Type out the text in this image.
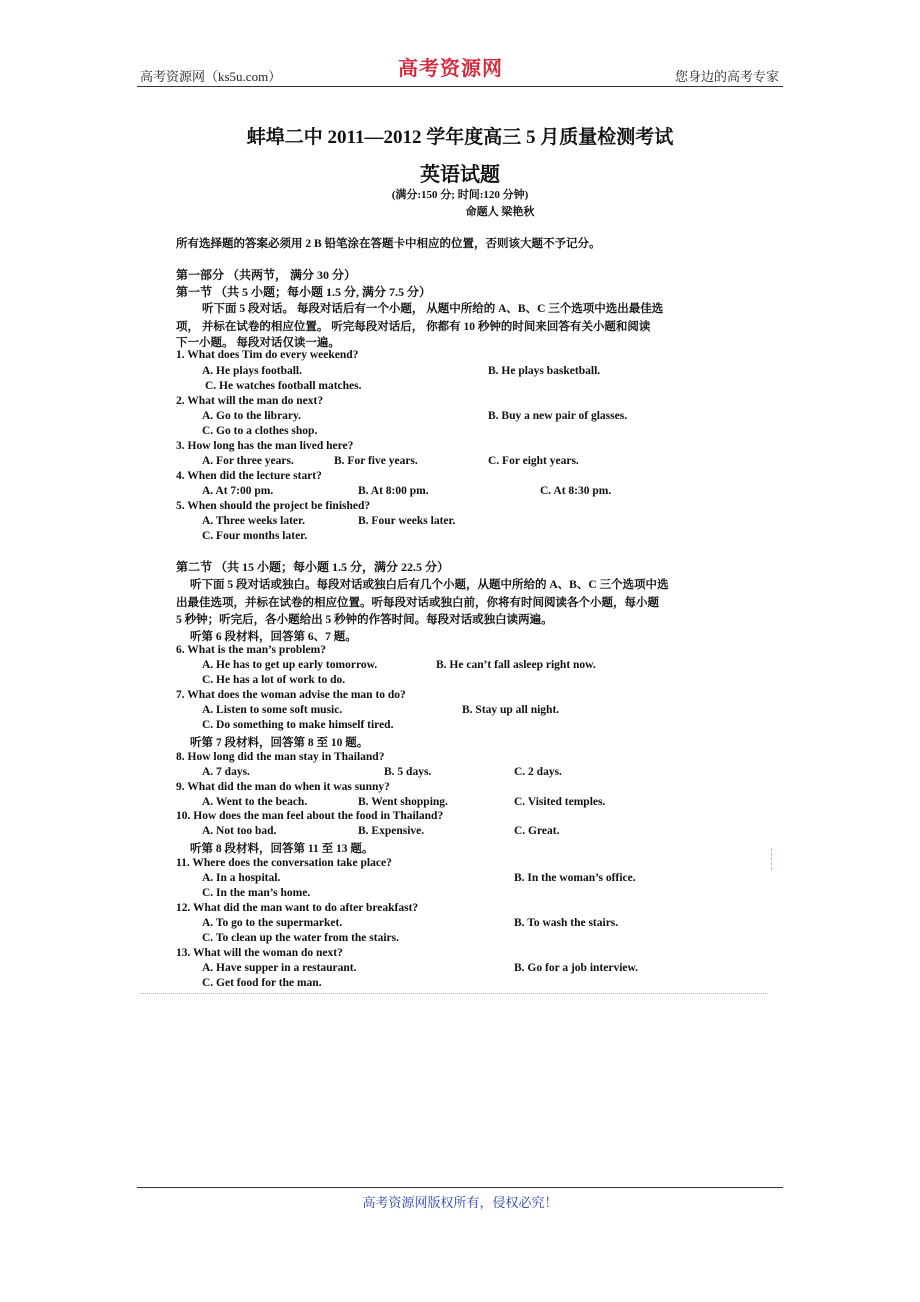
高考资源网（ks5u.com）	高考资源网	您身边的高考专家
蚌埠二中 2011—2012 学年度高三 5 月质量检测考试
英语试题
(满分:150 分; 时间:120 分钟)
命题人 梁艳秋
所有选择题的答案必须用 2 B 铅笔涂在答题卡中相应的位置，否则该大题不予记分。
第一部分 （共两节， 满分 30 分）
第一节 （共 5 小题；每小题 1.5 分, 满分 7.5 分）
听下面 5 段对话。 每段对话后有一个小题， 从题中所给的 A、B、C 三个选项中选出最佳选
项， 并标在试卷的相应位置。 听完每段对话后， 你都有 10 秒钟的时间来回答有关小题和阅读
下一小题。 每段对话仅读一遍。
1. What does Tim do every weekend?
A. He plays football.	B. He plays basketball.
C. He watches football matches.
2. What will the man do next?
A. Go to the library.	B. Buy a new pair of glasses.
C. Go to a clothes shop.
3. How long has the man lived here?
A. For three years.	B. For five years.	C. For eight years.
4. When did the lecture start?
A. At 7:00 pm.	B. At 8:00 pm.	C. At 8:30 pm.
5. When should the project be finished?
A. Three weeks later.	B. Four weeks later.
C. Four months later.
第二节 （共 15 小题；每小题 1.5 分，满分 22.5 分）
听下面 5 段对话或独白。每段对话或独白后有几个小题，从题中所给的 A、B、C 三个选项中选
出最佳选项，并标在试卷的相应位置。听每段对话或独白前，你将有时间阅读各个小题，每小题
5 秒钟；听完后，各小题给出 5 秒钟的作答时间。每段对话或独白读两遍。
听第 6 段材料，回答第 6、7 题。
6. What is the man’s problem?
A. He has to get up early tomorrow.	B. He can’t fall asleep right now.
C. He has a lot of work to do.
7. What does the woman advise the man to do?
A. Listen to some soft music.	B. Stay up all night.
C. Do something to make himself tired.
听第 7 段材料，回答第 8 至 10 题。
8. How long did the man stay in Thailand?
A. 7 days.	B. 5 days.	C. 2 days.
9. What did the man do when it was sunny?
A. Went to the beach.	B. Went shopping.	C. Visited temples.
10. How does the man feel about the food in Thailand?
A. Not too bad.	B. Expensive.	C. Great.
听第 8 段材料，回答第 11 至 13 题。
11. Where does the conversation take place?
A. In a hospital.	B. In the woman’s office.
C. In the man’s home.
12. What did the man want to do after breakfast?
A. To go to the supermarket.	B. To wash the stairs.
C. To clean up the water from the stairs.
13. What will the woman do next?
A. Have supper in a restaurant.	B. Go for a job interview.
C. Get food for the man.
高考资源网版权所有，侵权必究！
